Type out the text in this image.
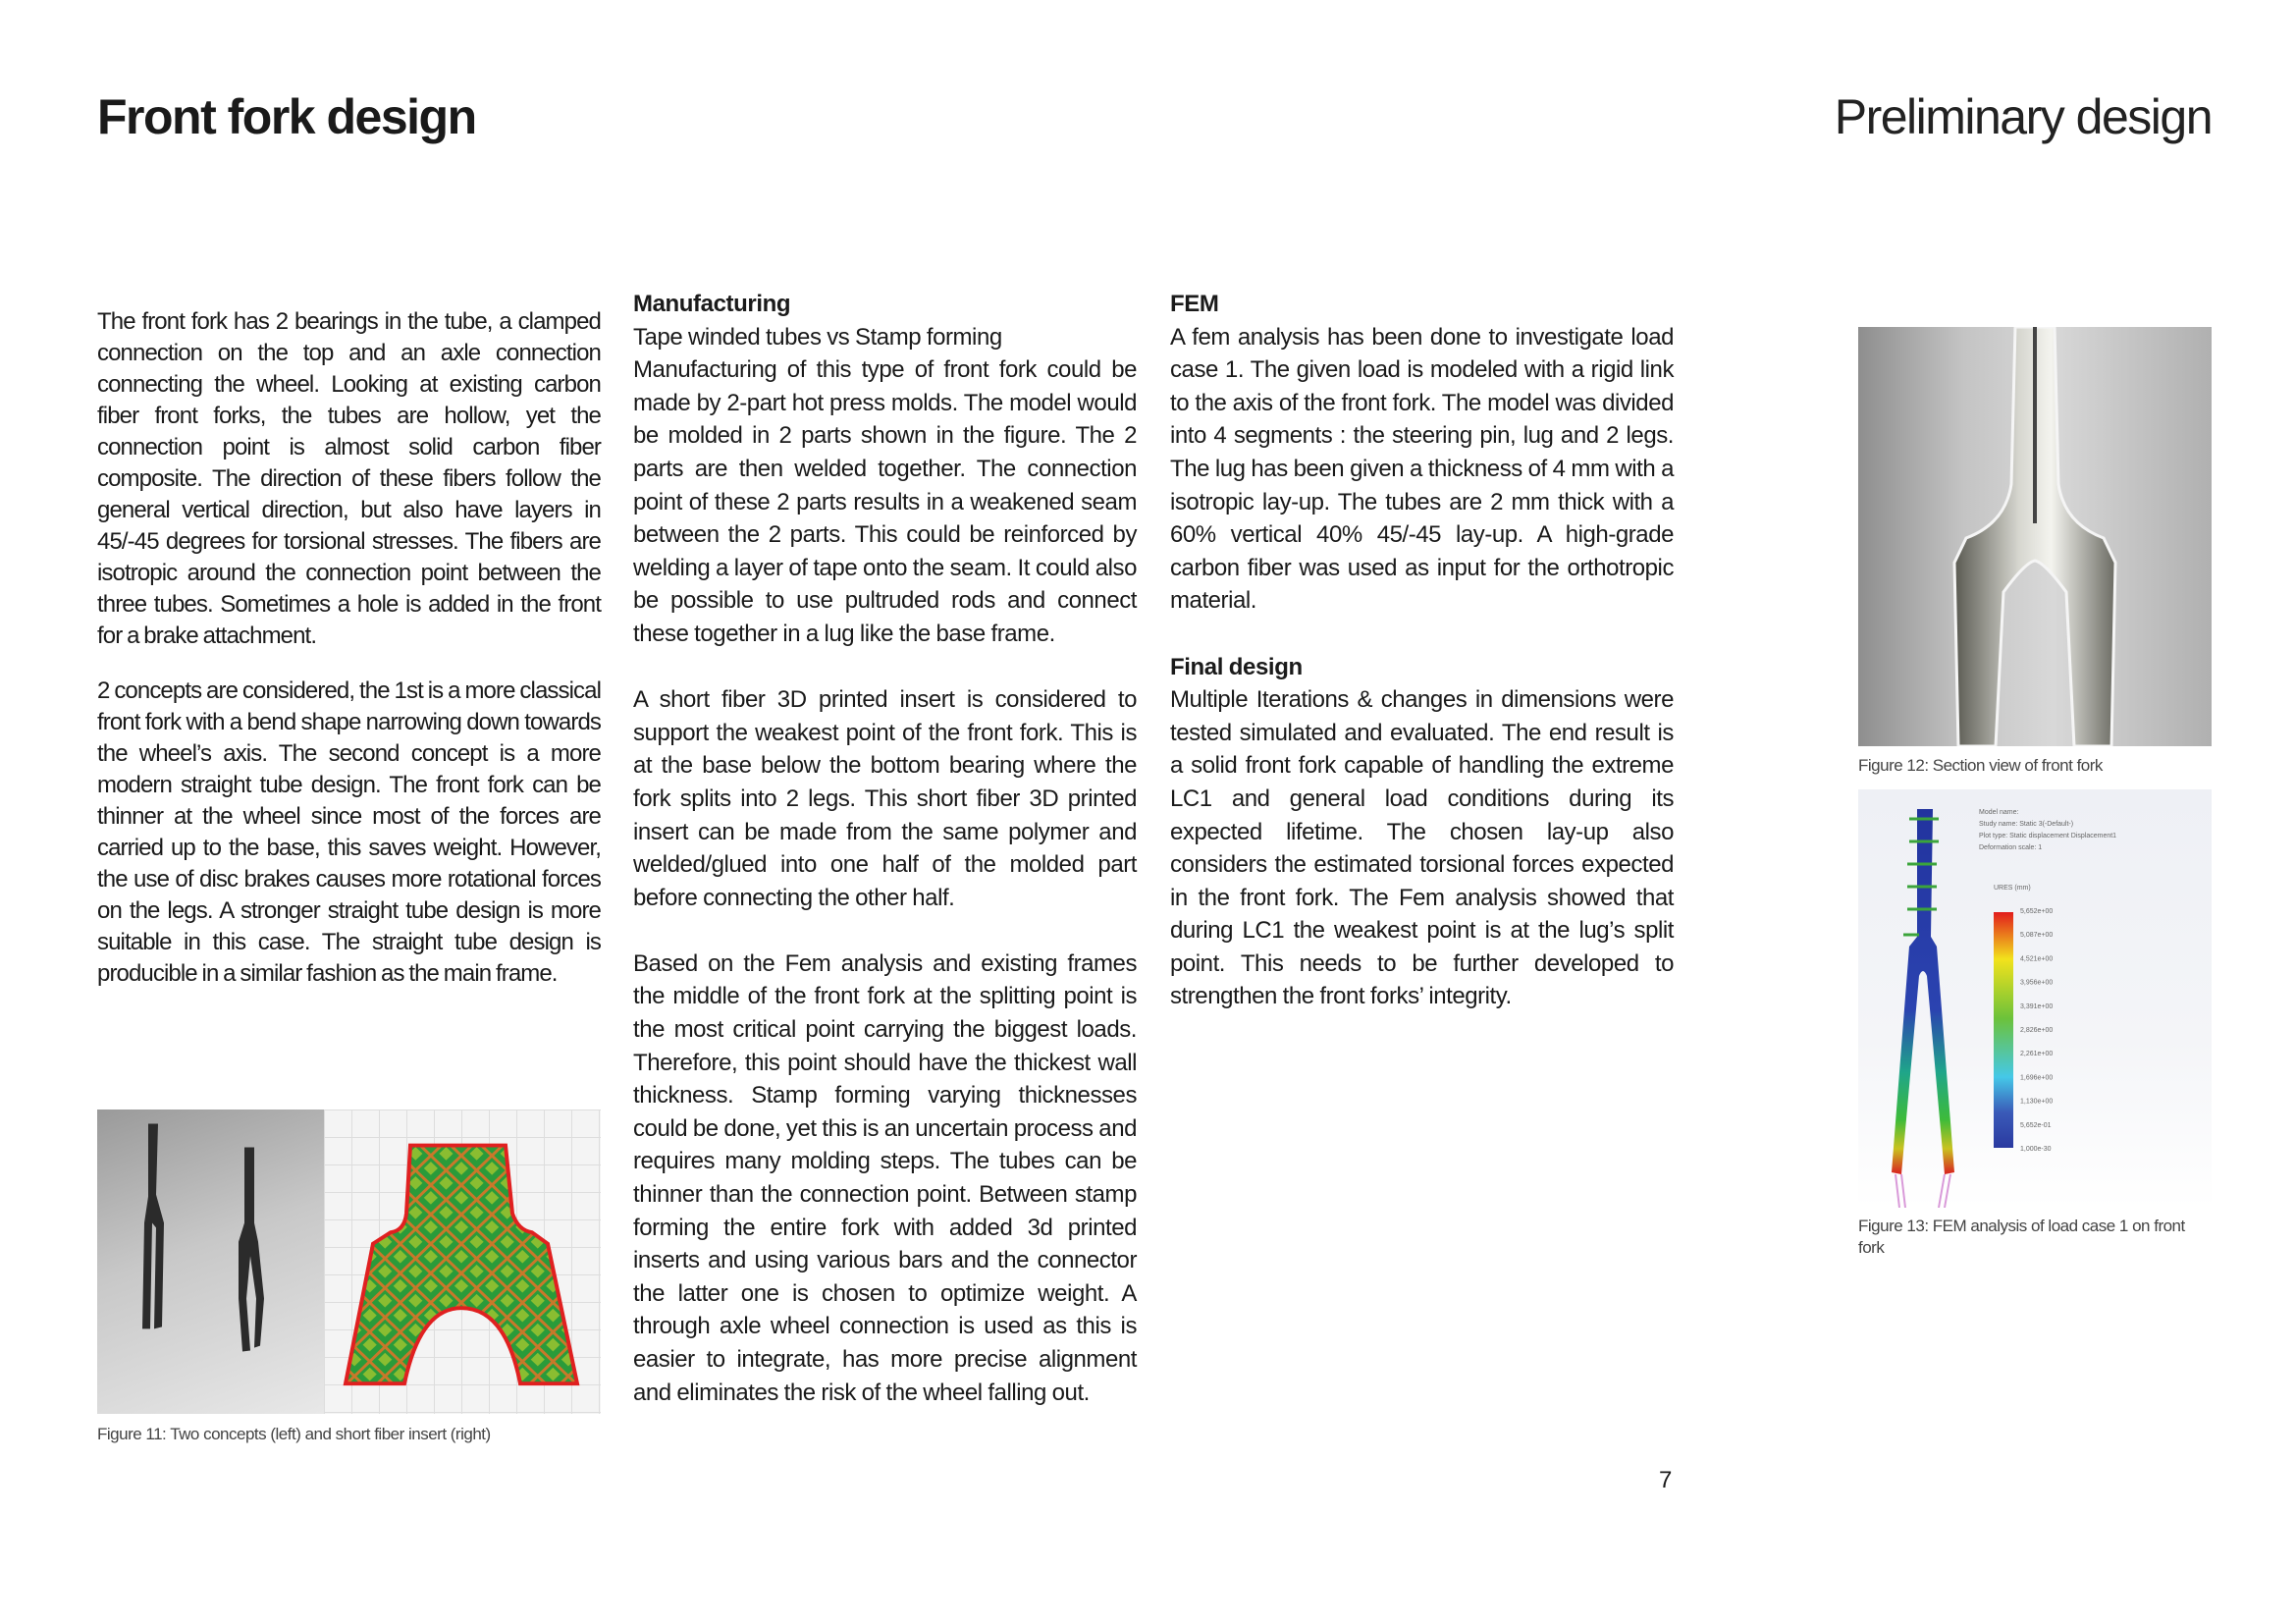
Front fork design	Preliminary design

The front fork has 2 bearings in the tube, a clamped connection on the top and an axle connection connecting the wheel. Looking at existing carbon fiber front forks, the tubes are hollow, yet the connection point is almost solid carbon fiber composite. The direction of these fibers follow the general vertical direction, but also have layers in 45/-45 degrees for torsional stresses. The fibers are isotropic around the connection point between the three tubes. Sometimes a hole is added in the front for a brake attachment.

2 concepts are considered, the 1st is a more classical front fork with a bend shape narrowing down towards the wheel’s axis. The second concept is a more modern straight tube design. The front fork can be thinner at the wheel since most of the forces are carried up to the base, this saves weight. However, the use of disc brakes causes more rotational forces on the legs. A stronger straight tube design is more suitable in this case. The straight tube design is producible in a similar fashion as the main frame.

Figure 11: Two concepts (left) and short fiber insert (right)
Manufacturing

Tape winded tubes vs Stamp forming

Manufacturing of this type of front fork could be made by 2-part hot press molds. The model would be molded in 2 parts shown in the figure. The 2 parts are then welded together. The connection point of these 2 parts results in a weakened seam between the 2 parts. This could be reinforced by welding a layer of tape onto the seam. It could also be possible to use pultruded rods and connect these together in a lug like the base frame.

A short fiber 3D printed insert is considered to support the weakest point of the front fork. This is at the base below the bottom bearing where the fork splits into 2 legs. This short fiber 3D printed insert can be made from the same polymer and welded/glued into one half of the molded part before connecting the other half.

Based on the Fem analysis and existing frames the middle of the front fork at the splitting point is the most critical point carrying the biggest loads. Therefore, this point should have the thickest wall thickness. Stamp forming varying thicknesses could be done, yet this is an uncertain process and requires many molding steps. The tubes can be thinner than the connection point. Between stamp forming the entire fork with added 3d printed inserts and using various bars and the connector the latter one is chosen to optimize weight. A through axle wheel connection is used as this is easier to integrate, has more precise alignment and eliminates the risk of the wheel falling out.

FEM

A fem analysis has been done to investigate load case 1. The given load is modeled with a rigid link to the axis of the front fork. The model was divided into 4 segments : the steering pin, lug and 2 legs. The lug has been given a thickness of 4 mm with a isotropic lay-up. The tubes are 2 mm thick with a 60% vertical 40% 45/-45 lay-up. A high-grade carbon fiber was used as input for the orthotropic material.

Final design

Multiple Iterations & changes in dimensions were tested simulated and evaluated. The end result is a solid front fork capable of handling the extreme LC1 and general load conditions during its expected lifetime. The chosen lay-up also considers the estimated torsional forces expected in the front fork. The Fem analysis showed that during LC1 the weakest point is at the lug’s split point. This needs to be further developed to strengthen the front forks’ integrity.

Figure 12: Section view of front fork
Model name:
Study name: Static 3(-Default-)
Plot type: Static displacement Displacement1
Deformation scale: 1
URES (mm)
5,652e+00
5,087e+00
4,521e+00
3,956e+00
3,391e+00
2,826e+00
2,261e+00
1,696e+00
1,130e+00
5,652e-01
1,000e-30
Figure 13: FEM analysis of load case 1 on front fork
7
